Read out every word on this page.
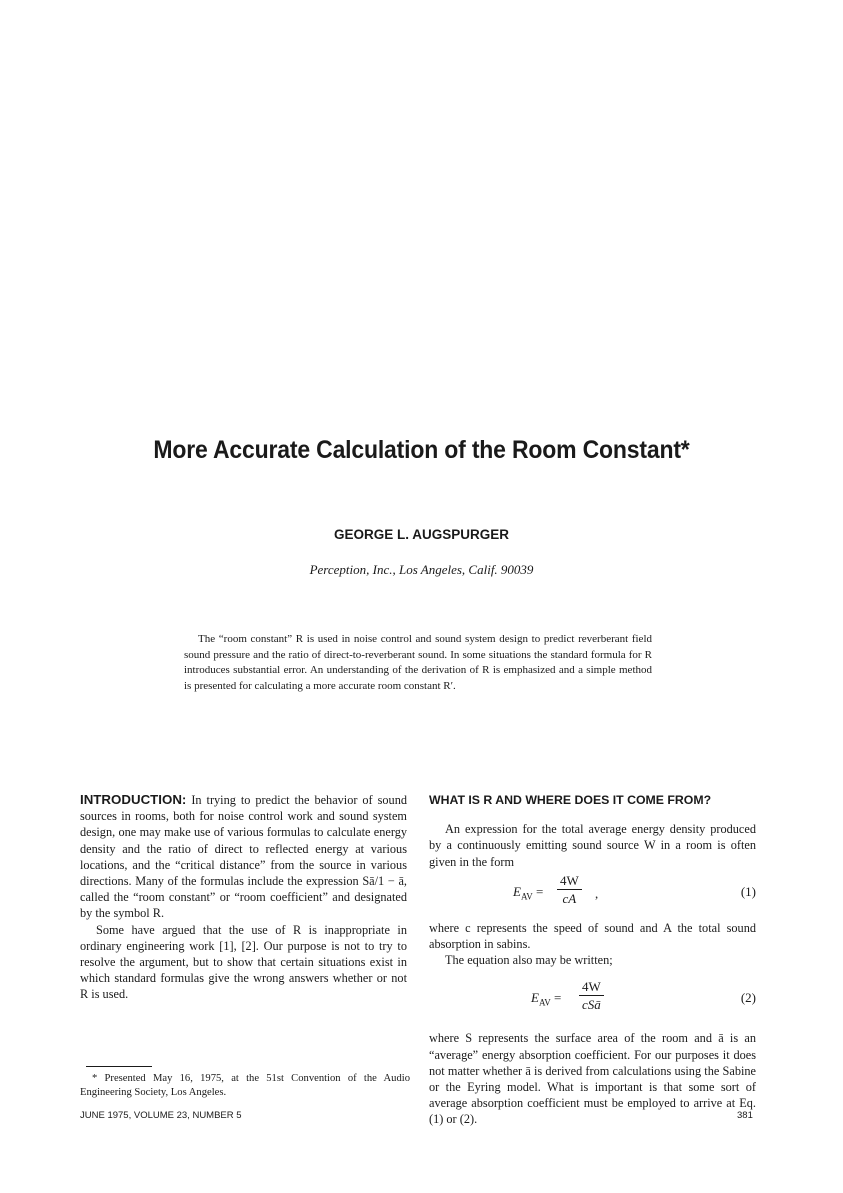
More Accurate Calculation of the Room Constant*
GEORGE L. AUGSPURGER
Perception, Inc., Los Angeles, Calif. 90039

The “room constant” R is used in noise control and sound system design to predict reverberant field sound pressure and the ratio of direct-to-reverberant sound. In some situations the standard formula for R introduces substantial error. An understanding of the derivation of R is emphasized and a simple method is presented for calculating a more accurate room constant R′.

INTRODUCTION: In trying to predict the behavior of sound sources in rooms, both for noise control work and sound system design, one may make use of various formulas to calculate energy density and the ratio of direct to reflected energy at various locations, and the “critical distance” from the source in various directions. Many of the formulas include the expression Sā/1 − ā, called the “room constant” or “room coefficient” and designated by the symbol R.

Some have argued that the use of R is inappropriate in ordinary engineering work [1], [2]. Our purpose is not to try to resolve the argument, but to show that certain situations exist in which standard formulas give the wrong answers whether or not R is used.

WHAT IS R AND WHERE DOES IT COME FROM?

An expression for the total average energy density produced by a continuously emitting sound source W in a room is often given in the form

$E_{AV} = \frac{4W}{cA}$ ,	(1)

where c represents the speed of sound and A the total sound absorption in sabins.

The equation also may be written;

$E_{AV}$ =
4W
cSā	(2)

where S represents the surface area of the room and ā is an “average” energy absorption coefficient. For our purposes it does not matter whether ā is derived from calculations using the Sabine or the Eyring model. What is important is that some sort of average absorption coefficient must be employed to arrive at Eq. (1) or (2).

* Presented May 16, 1975, at the 51st Convention of the Audio Engineering Society, Los Angeles.

JUNE 1975, VOLUME 23, NUMBER 5	381
